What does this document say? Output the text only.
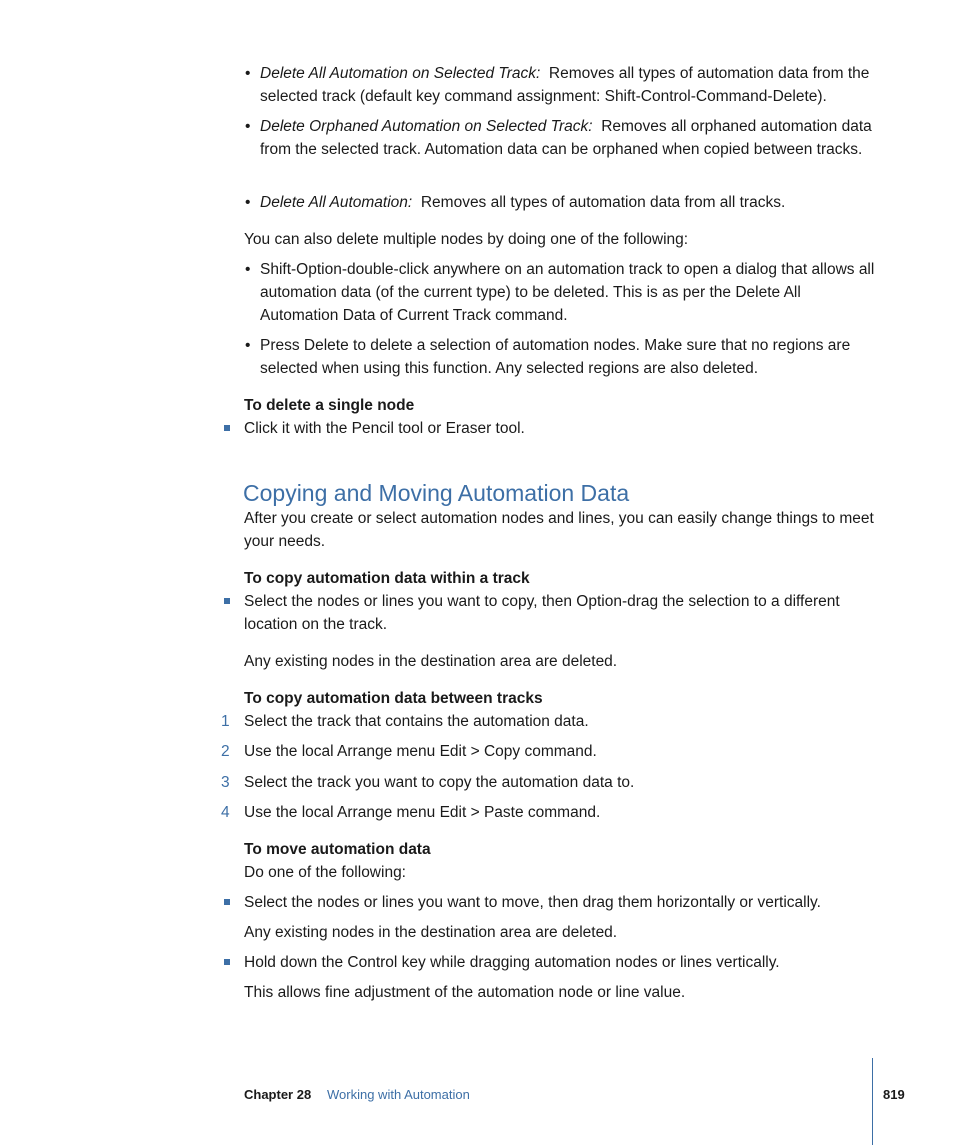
• Delete All Automation on Selected Track: Removes all types of automation data from the selected track (default key command assignment: Shift-Control-Command-Delete).
• Delete Orphaned Automation on Selected Track: Removes all orphaned automation data from the selected track. Automation data can be orphaned when copied between tracks.
• Delete All Automation: Removes all types of automation data from all tracks.
You can also delete multiple nodes by doing one of the following:
• Shift-Option-double-click anywhere on an automation track to open a dialog that allows all automation data (of the current type) to be deleted. This is as per the Delete All Automation Data of Current Track command.
• Press Delete to delete a selection of automation nodes. Make sure that no regions are selected when using this function. Any selected regions are also deleted.
To delete a single node
Click it with the Pencil tool or Eraser tool.
Copying and Moving Automation Data
After you create or select automation nodes and lines, you can easily change things to meet your needs.
To copy automation data within a track
Select the nodes or lines you want to copy, then Option-drag the selection to a different location on the track.
Any existing nodes in the destination area are deleted.
To copy automation data between tracks
1 Select the track that contains the automation data.
2 Use the local Arrange menu Edit > Copy command.
3 Select the track you want to copy the automation data to.
4 Use the local Arrange menu Edit > Paste command.
To move automation data
Do one of the following:
Select the nodes or lines you want to move, then drag them horizontally or vertically.
Any existing nodes in the destination area are deleted.
Hold down the Control key while dragging automation nodes or lines vertically.
This allows fine adjustment of the automation node or line value.
Chapter 28 Working with Automation	819
